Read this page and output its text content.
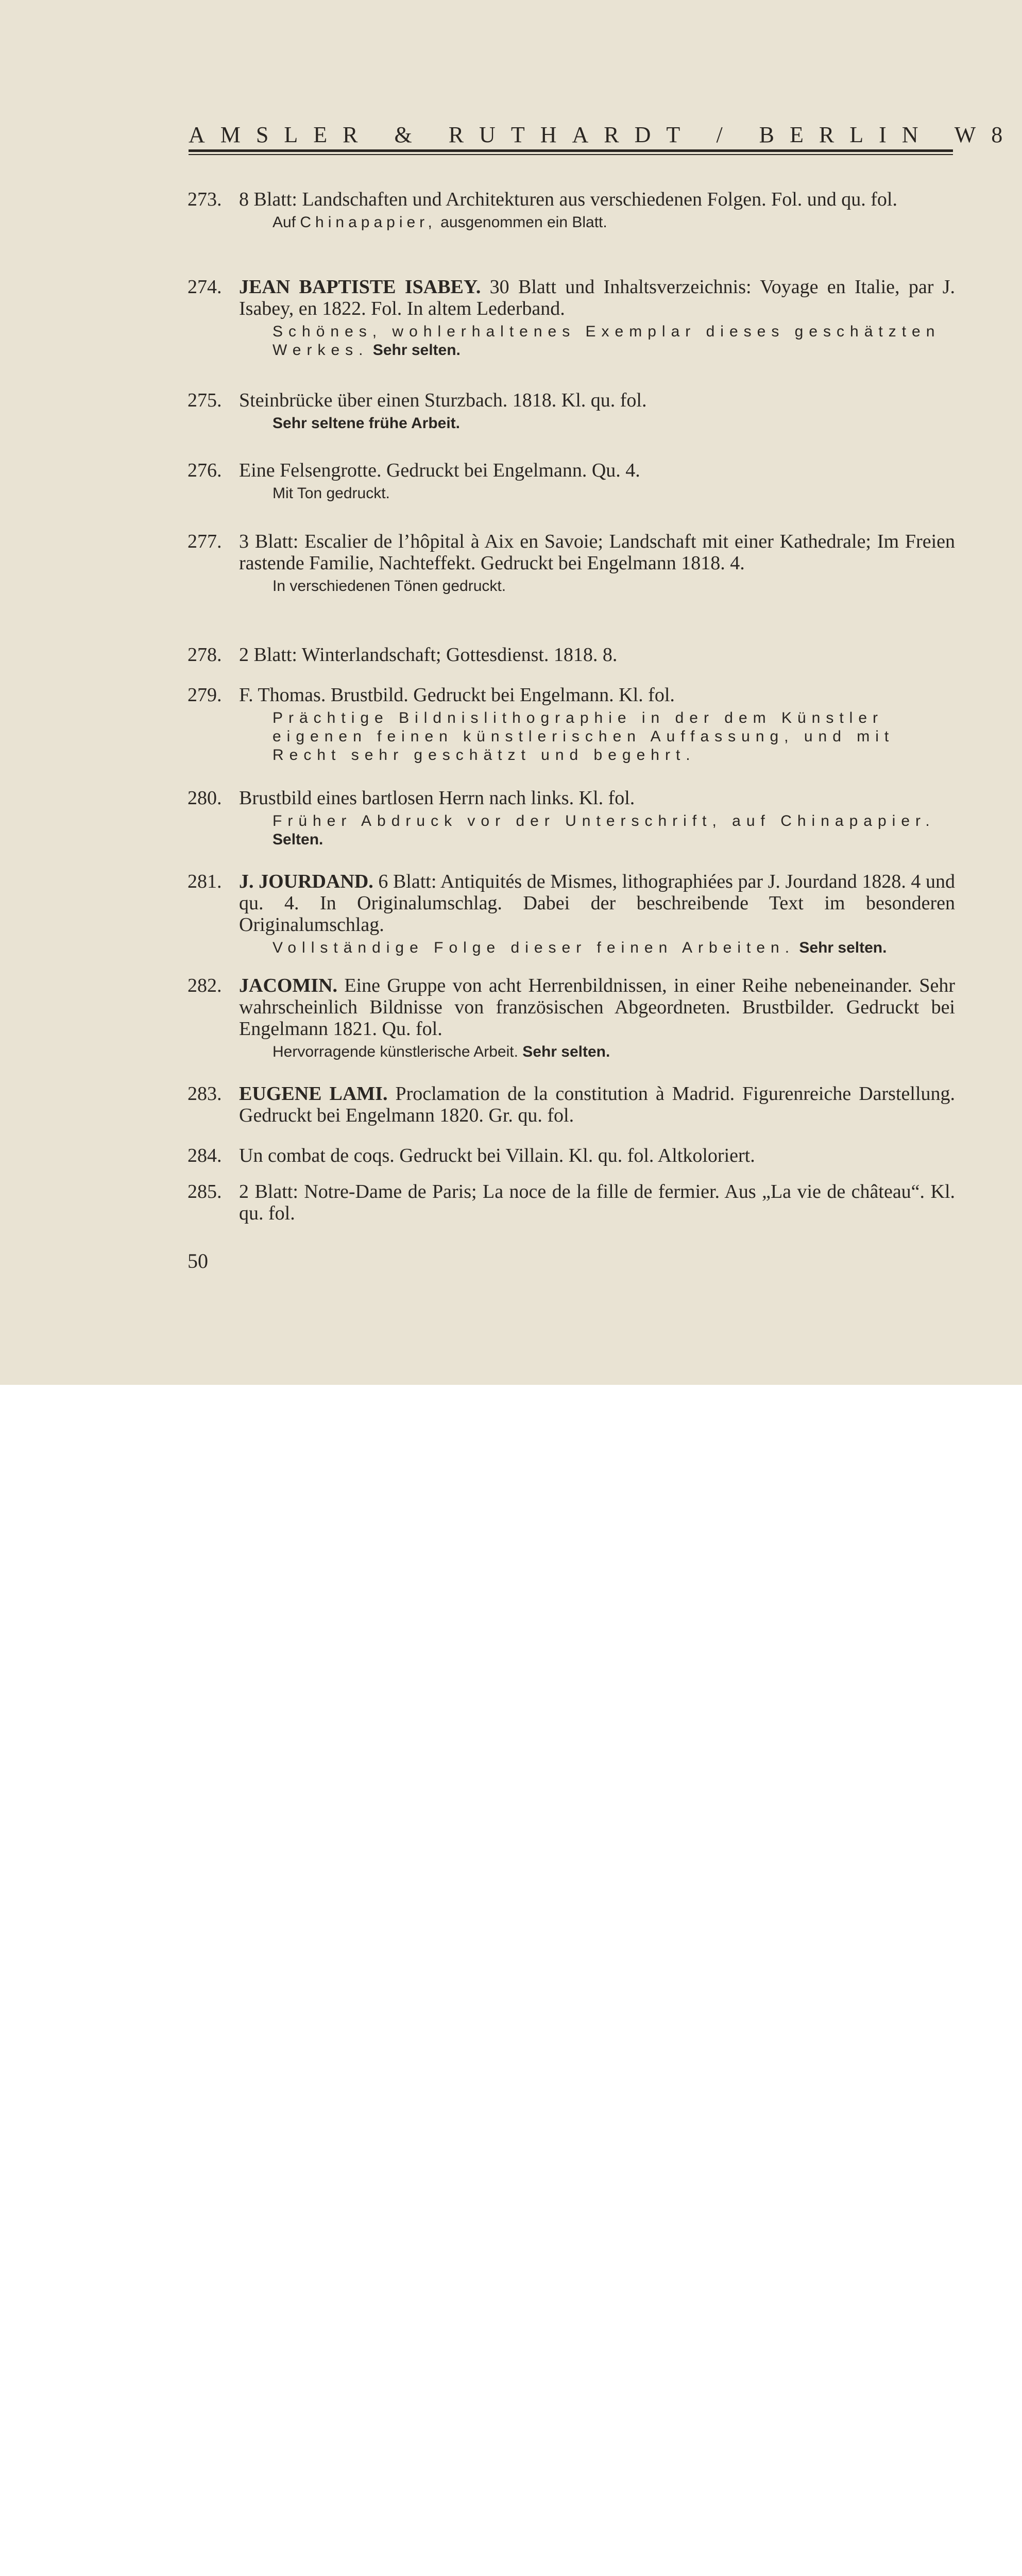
AMSLER & RUTHARDT / BERLIN W8
273. 8 Blatt: Landschaften und Architekturen aus verschiedenen Folgen. Fol. und qu. fol.
Auf Chinapapier, ausgenommen ein Blatt.
274. JEAN BAPTISTE ISABEY. 30 Blatt und Inhaltsverzeichnis: Voyage en Italie, par J. Isabey, en 1822. Fol. In altem Lederband.
Schönes, wohlerhaltenes Exemplar dieses geschätzten Werkes. Sehr selten.
275. Steinbrücke über einen Sturzbach. 1818. Kl. qu. fol.
Sehr seltene frühe Arbeit.
276. Eine Felsengrotte. Gedruckt bei Engelmann. Qu. 4.
Mit Ton gedruckt.
277. 3 Blatt: Escalier de l’hôpital à Aix en Savoie; Landschaft mit einer Kathedrale; Im Freien rastende Familie, Nachteffekt. Gedruckt bei Engelmann 1818. 4.
In verschiedenen Tönen gedruckt.
278. 2 Blatt: Winterlandschaft; Gottesdienst. 1818. 8.
279. F. Thomas. Brustbild. Gedruckt bei Engelmann. Kl. fol.
Prächtige Bildnislithographie in der dem Künstler eigenen feinen künstlerischen Auffassung, und mit Recht sehr geschätzt und begehrt.
280. Brustbild eines bartlosen Herrn nach links. Kl. fol.
Früher Abdruck vor der Unterschrift, auf Chinapapier. Selten.
281. J. JOURDAND. 6 Blatt: Antiquités de Mismes, lithographiées par J. Jourdand 1828. 4 und qu. 4. In Originalumschlag. Dabei der beschreibende Text im besonderen Originalumschlag.
Vollständige Folge dieser feinen Arbeiten. Sehr selten.
282. JACOMIN. Eine Gruppe von acht Herrenbildnissen, in einer Reihe nebeneinander. Sehr wahrscheinlich Bildnisse von französischen Abgeordneten. Brustbilder. Gedruckt bei Engelmann 1821. Qu. fol.
Hervorragende künstlerische Arbeit. Sehr selten.
283. EUGENE LAMI. Proclamation de la constitution à Madrid. Figurenreiche Darstellung. Gedruckt bei Engelmann 1820. Gr. qu. fol.
284. Un combat de coqs. Gedruckt bei Villain. Kl. qu. fol. Altkoloriert.
285. 2 Blatt: Notre-Dame de Paris; La noce de la fille de fermier. Aus „La vie de château“. Kl. qu. fol.
50
